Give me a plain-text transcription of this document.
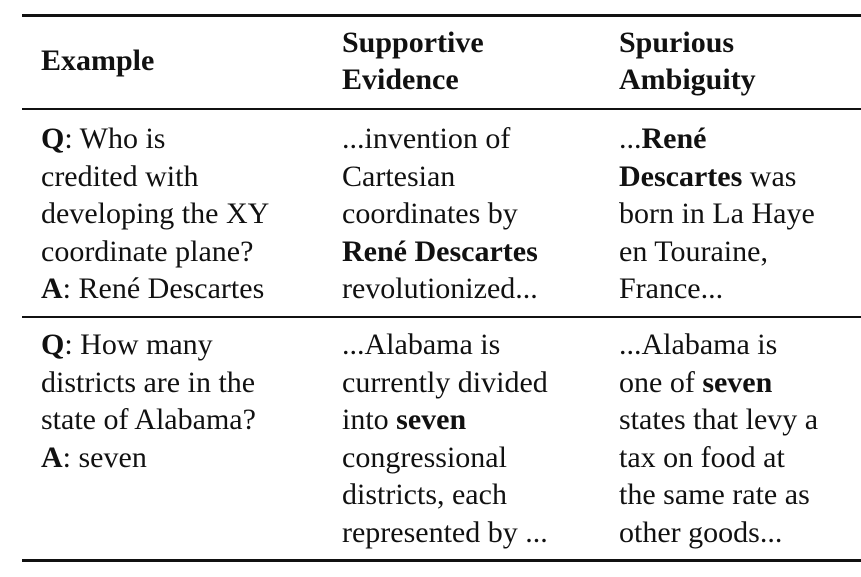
Example
Supportive
Evidence
Spurious
Ambiguity
Q: Who is
credited with
developing the XY
coordinate plane?
A: René Descartes
...invention of
Cartesian
coordinates by
René Descartes
revolutionized...
...René
Descartes was
born in La Haye
en Touraine,
France...
Q: How many
districts are in the
state of Alabama?
A: seven
...Alabama is
currently divided
into seven
congressional
districts, each
represented by ...
...Alabama is
one of seven
states that levy a
tax on food at
the same rate as
other goods...
